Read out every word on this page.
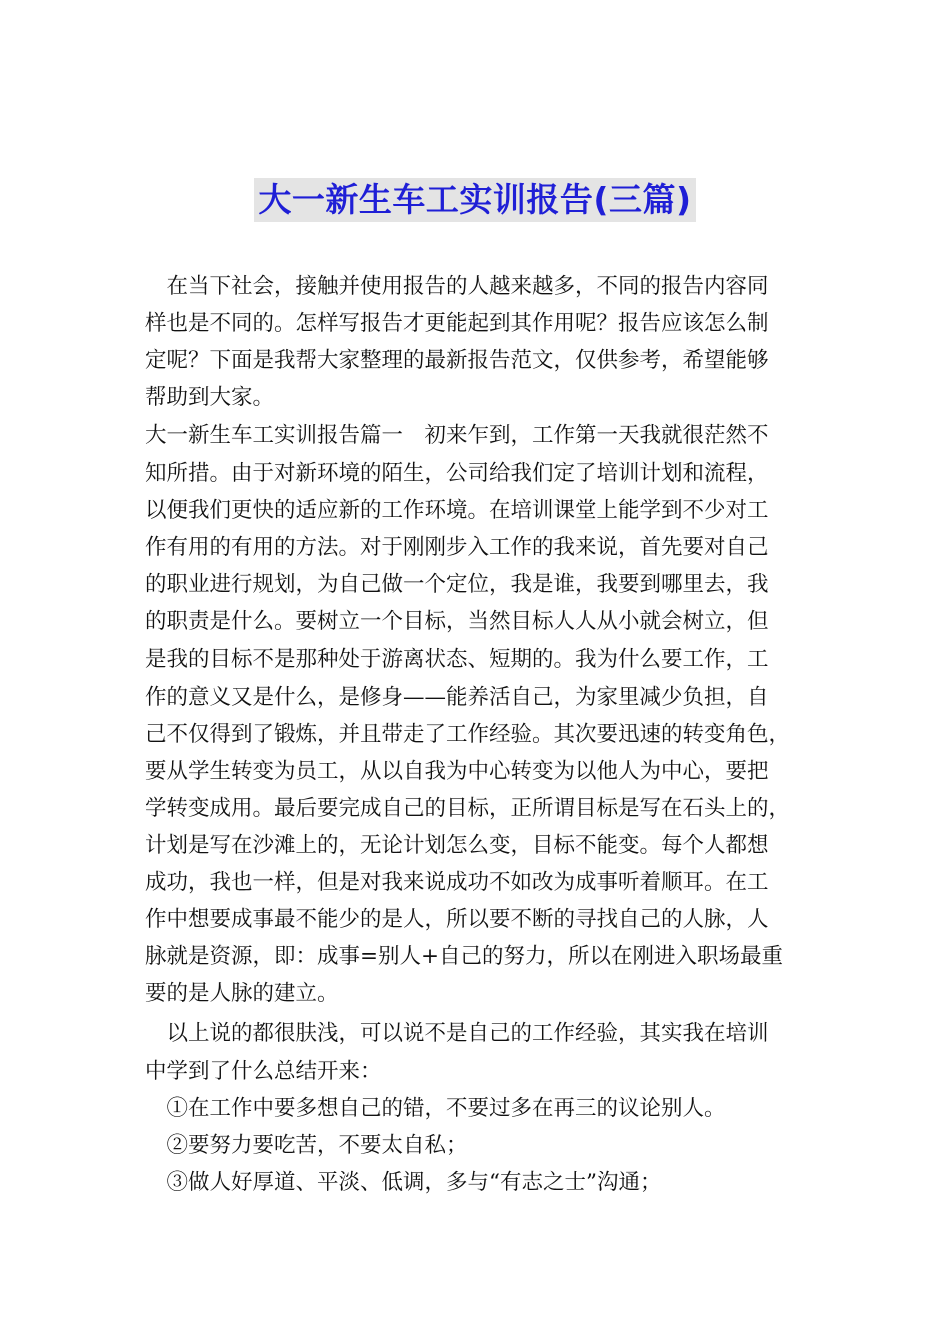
大一新生车工实训报告(三篇)
　在当下社会，接触并使用报告的人越来越多，不同的报告内容同
样也是不同的。怎样写报告才更能起到其作用呢？报告应该怎么制
定呢？下面是我帮大家整理的最新报告范文，仅供参考，希望能够
帮助到大家。
大一新生车工实训报告篇一　初来乍到，工作第一天我就很茫然不
知所措。由于对新环境的陌生，公司给我们定了培训计划和流程，
以便我们更快的适应新的工作环境。在培训课堂上能学到不少对工
作有用的有用的方法。对于刚刚步入工作的我来说，首先要对自己
的职业进行规划，为自己做一个定位，我是谁，我要到哪里去，我
的职责是什么。要树立一个目标，当然目标人人从小就会树立，但
是我的目标不是那种处于游离状态、短期的。我为什么要工作，工
作的意义又是什么，是修身——能养活自己，为家里减少负担，自
己不仅得到了锻炼，并且带走了工作经验。其次要迅速的转变角色，
要从学生转变为员工，从以自我为中心转变为以他人为中心，要把
学转变成用。最后要完成自己的目标，正所谓目标是写在石头上的，
计划是写在沙滩上的，无论计划怎么变，目标不能变。每个人都想
成功，我也一样，但是对我来说成功不如改为成事听着顺耳。在工
作中想要成事最不能少的是人，所以要不断的寻找自己的人脉，人
脉就是资源，即：成事=别人+自己的努力，所以在刚进入职场最重
要的是人脉的建立。
　以上说的都很肤浅，可以说不是自己的工作经验，其实我在培训
中学到了什么总结开来：
　①在工作中要多想自己的错，不要过多在再三的议论别人。
　②要努力要吃苦，不要太自私；
　③做人好厚道、平淡、低调，多与“有志之士”沟通；
